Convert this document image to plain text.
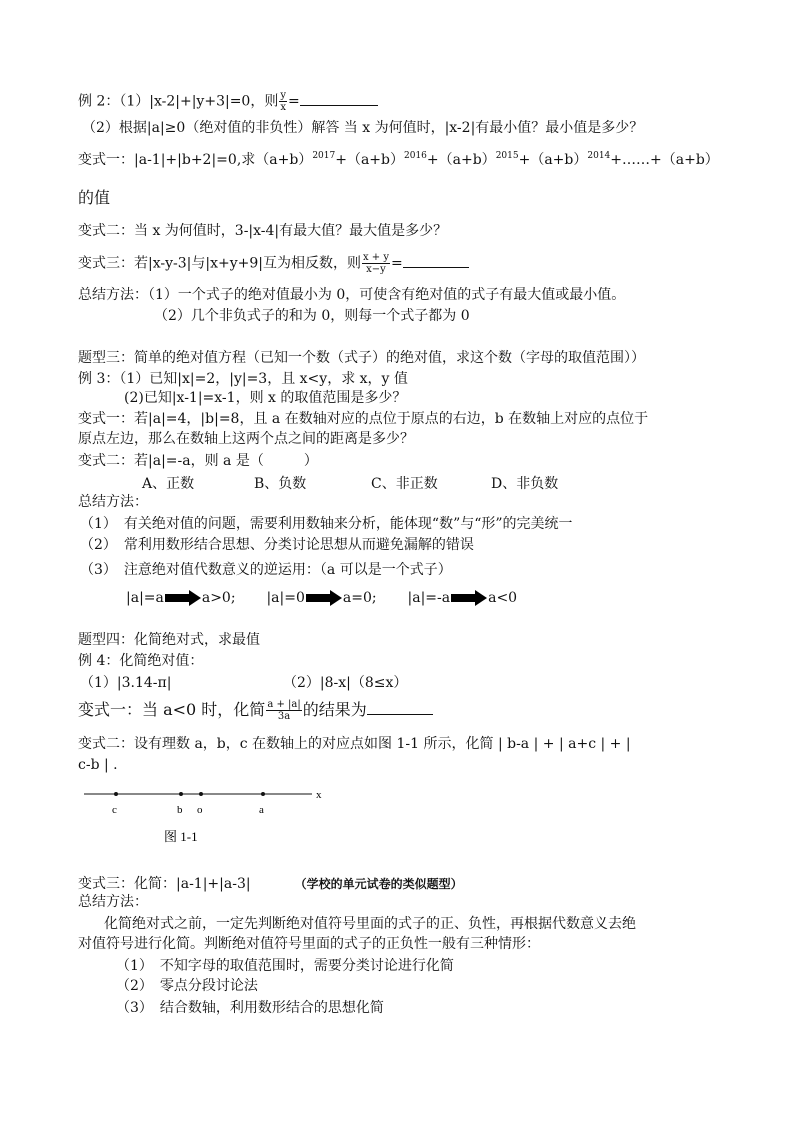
例 2：（1）|x-2|+|y+3|=0，则 $\frac{y}{x}$ =
（2）根据|a|≥0（绝对值的非负性）解答 当 x 为何值时，|x-2|有最小值？最小值是多少？
变式一：|a-1|+|b+2|=0,求$(a+b)^{2017}+(a+b)^{2016}+(a+b)^{2015}+(a+b)^{2014}+\dots\dots+(a+b)$
的值
变式二：当 x 为何值时，3-|x-4|有最大值？最大值是多少？
变式三：若|x-y-3|与|x+y+9|互为相反数，则 $\frac{x + y}{x-y}$ =
总结方法：（1）一个式子的绝对值最小为 0，可使含有绝对值的式子有最大值或最小值。
（2）几个非负式子的和为 0，则每一个式子都为 0
题型三：简单的绝对值方程（已知一个数（式子）的绝对值，求这个数（字母的取值范围））
例 3：（1）已知|x|=2，|y|=3，且 x<y，求 x，y 值
(2)已知|x-1|=x-1，则 x 的取值范围是多少？
变式一：若|a|=4，|b|=8，且 a 在数轴对应的点位于原点的右边，b 在数轴上对应的点位于
原点左边，那么在数轴上这两个点之间的距离是多少？
变式二：若|a|=-a，则 a 是（	）
A、正数	B、负数	C、非正数	D、非负数
总结方法：
（1）　有关绝对值的问题，需要利用数轴来分析，能体现“数”与“形”的完美统一
（2）　常利用数形结合思想、分类讨论思想从而避免漏解的错误
（3）　注意绝对值代数意义的逆运用：（a 可以是一个式子）
|a|=a	a>0; |a|=0	a=0; |a|=-a	a<0
题型四：化简绝对式，求最值
例 4：化简绝对值：
（1）|3.14-π|	（2）|8-x|（8≤x）
变式一：当 a<0 时，化简 $\frac{a + |a|}{3a}$ 的结果为
变式二：设有理数 a，b，c 在数轴上的对应点如图 1-1 所示，化简 | b-a | + | a+c | + |
c-b | .
c	b o	a
x
图 1-1
变式三：化简：|a-1|+|a-3|	（学校的单元试卷的类似题型）
总结方法：
化简绝对式之前，一定先判断绝对值符号里面的式子的正、负性，再根据代数意义去绝
对值符号进行化简。判断绝对值符号里面的式子的正负性一般有三种情形：
（1）　不知字母的取值范围时，需要分类讨论进行化简
（2）　零点分段讨论法
（3）　结合数轴，利用数形结合的思想化简
